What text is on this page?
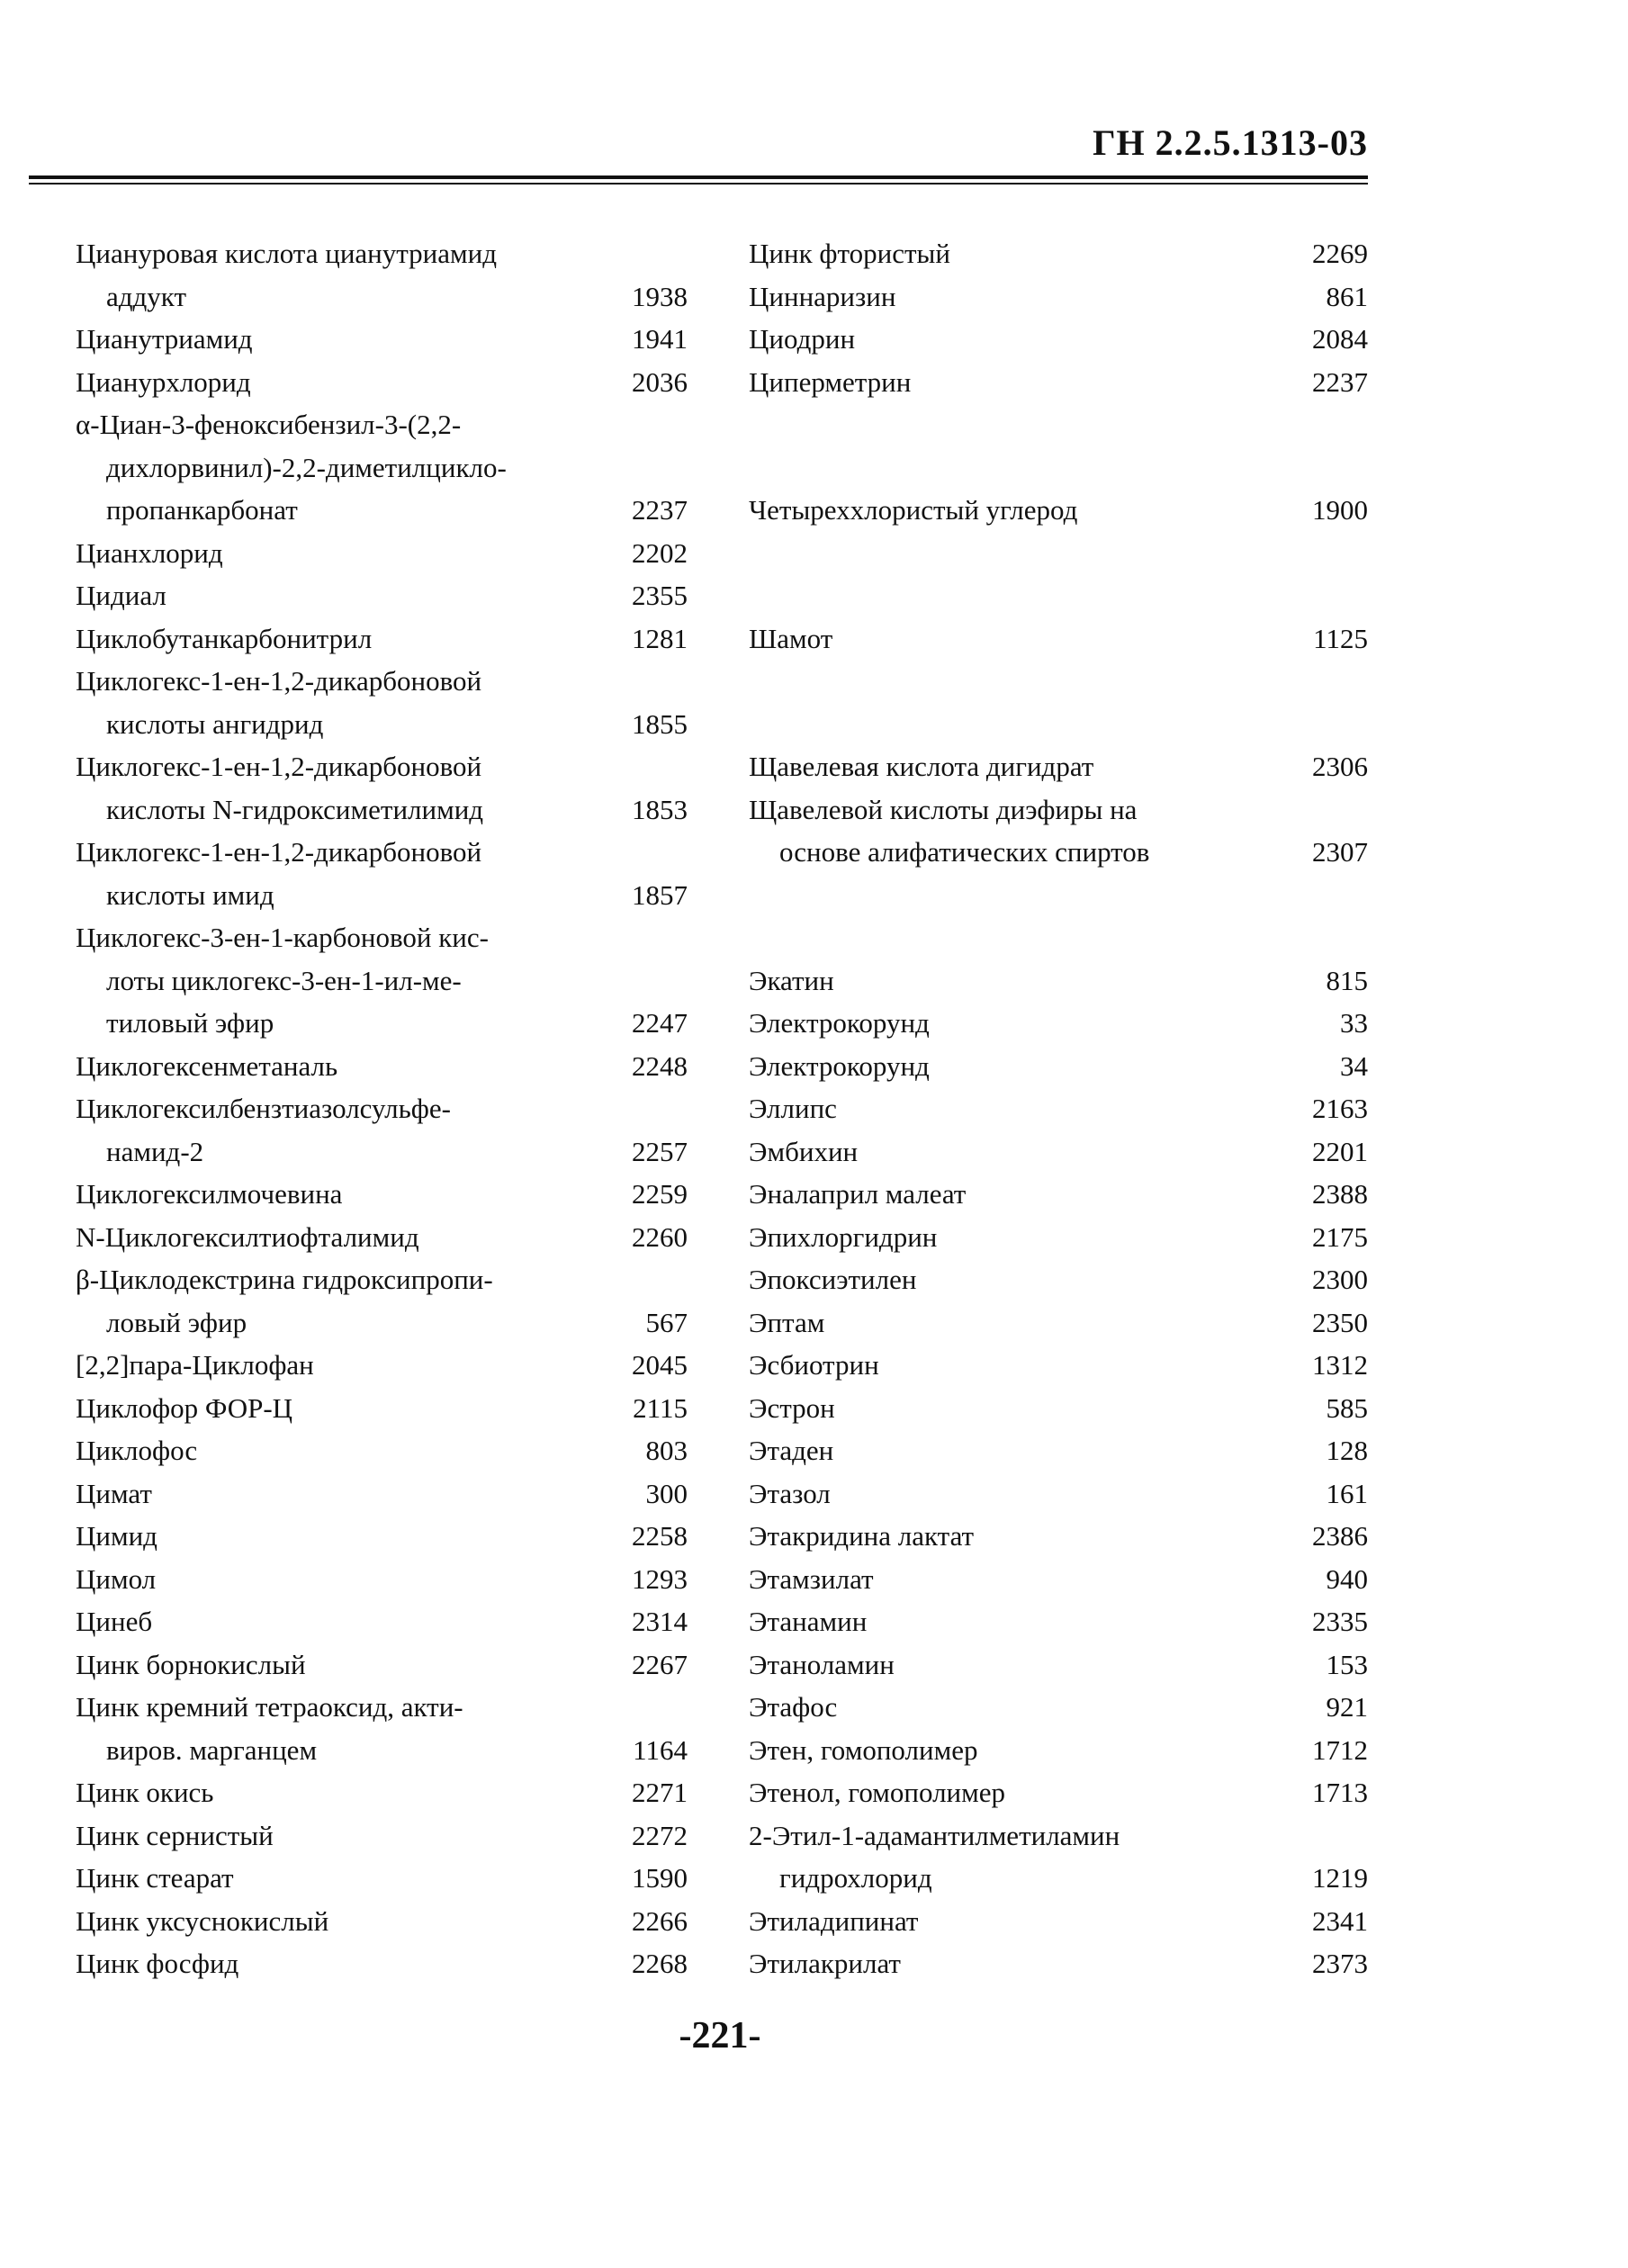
ГН 2.2.5.1313-03
Циануровая кислота цианутриамид
аддукт	1938
Цианутриамид	1941
Цианурхлорид	2036
α-Циан-3-феноксибензил-3-(2,2-
дихлорвинил)-2,2-диметилцикло-
пропанкарбонат	2237
Цианхлорид	2202
Цидиал	2355
Циклобутанкарбонитрил	1281
Циклогекс-1-ен-1,2-дикарбоновой
кислоты ангидрид	1855
Циклогекс-1-ен-1,2-дикарбоновой
кислоты N-гидроксиметилимид	1853
Циклогекс-1-ен-1,2-дикарбоновой
кислоты имид	1857
Циклогекс-3-ен-1-карбоновой кис-
лоты циклогекс-3-ен-1-ил-ме-
тиловый эфир	2247
Циклогексенметаналь	2248
Циклогексилбензтиазолсульфе-
намид-2	2257
Циклогексилмочевина	2259
N-Циклогексилтиофталимид	2260
β-Циклодекстрина гидроксипропи-
ловый эфир	567
[2,2]пара-Циклофан	2045
Циклофор ФОР-Ц	2115
Циклофос	803
Цимат	300
Цимид	2258
Цимол	1293
Цинеб	2314
Цинк борнокислый	2267
Цинк кремний тетраоксид, акти-
виров. марганцем	1164
Цинк окись	2271
Цинк сернистый	2272
Цинк стеарат	1590
Цинк уксуснокислый	2266
Цинк фосфид	2268
Цинк фтористый	2269
Циннаризин	861
Циодрин	2084
Циперметрин	2237
Четыреххлористый углерод	1900
Шамот	1125
Щавелевая кислота дигидрат	2306
Щавелевой кислоты диэфиры на
основе алифатических спиртов	2307
Экатин	815
Электрокорунд	33
Электрокорунд	34
Эллипс	2163
Эмбихин	2201
Эналаприл малеат	2388
Эпихлоргидрин	2175
Эпоксиэтилен	2300
Эптам	2350
Эсбиотрин	1312
Эстрон	585
Этаден	128
Этазол	161
Этакридина лактат	2386
Этамзилат	940
Этанамин	2335
Этаноламин	153
Этафос	921
Этен, гомополимер	1712
Этенол, гомополимер	1713
2-Этил-1-адамантилметиламин
гидрохлорид	1219
Этиладипинат	2341
Этилакрилат	2373
-221-
